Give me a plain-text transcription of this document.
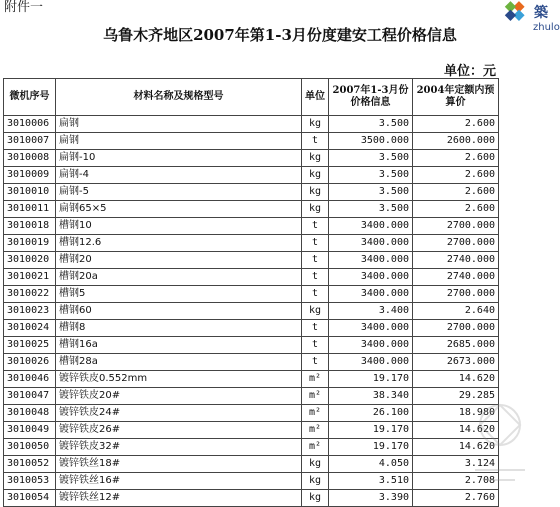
附件一	築
zhulo
乌鲁木齐地区2007年第1-3月份度建安工程价格信息
单位：元
微机序号	材料名称及规格型号	单位	2007年1-3月份价格信息	2004年定额内预算价
3010006	扁钢	kg	3.500	2.600
3010007	扁钢	t	3500.000	2600.000
3010008	扁钢-10	kg	3.500	2.600
3010009	扁钢-4	kg	3.500	2.600
3010010	扁钢-5	kg	3.500	2.600
3010011	扁钢65×5	kg	3.500	2.600
3010018	槽钢10	t	3400.000	2700.000
3010019	槽钢12.6	t	3400.000	2700.000
3010020	槽钢20	t	3400.000	2740.000
3010021	槽钢20a	t	3400.000	2740.000
3010022	槽钢5	t	3400.000	2700.000
3010023	槽钢60	kg	3.400	2.640
3010024	槽钢8	t	3400.000	2700.000
3010025	槽钢16a	t	3400.000	2685.000
3010026	槽钢28a	t	3400.000	2673.000
3010046	镀锌铁皮0.552mm	m²	19.170	14.620
3010047	镀锌铁皮20#	m²	38.340	29.285
3010048	镀锌铁皮24#	m²	26.100	18.980
3010049	镀锌铁皮26#	m²	19.170	14.620
3010050	镀锌铁皮32#	m²	19.170	14.620
3010052	镀锌铁丝18#	kg	4.050	3.124
3010053	镀锌铁丝16#	kg	3.510	2.708
3010054	镀锌铁丝12#	kg	3.390	2.760
